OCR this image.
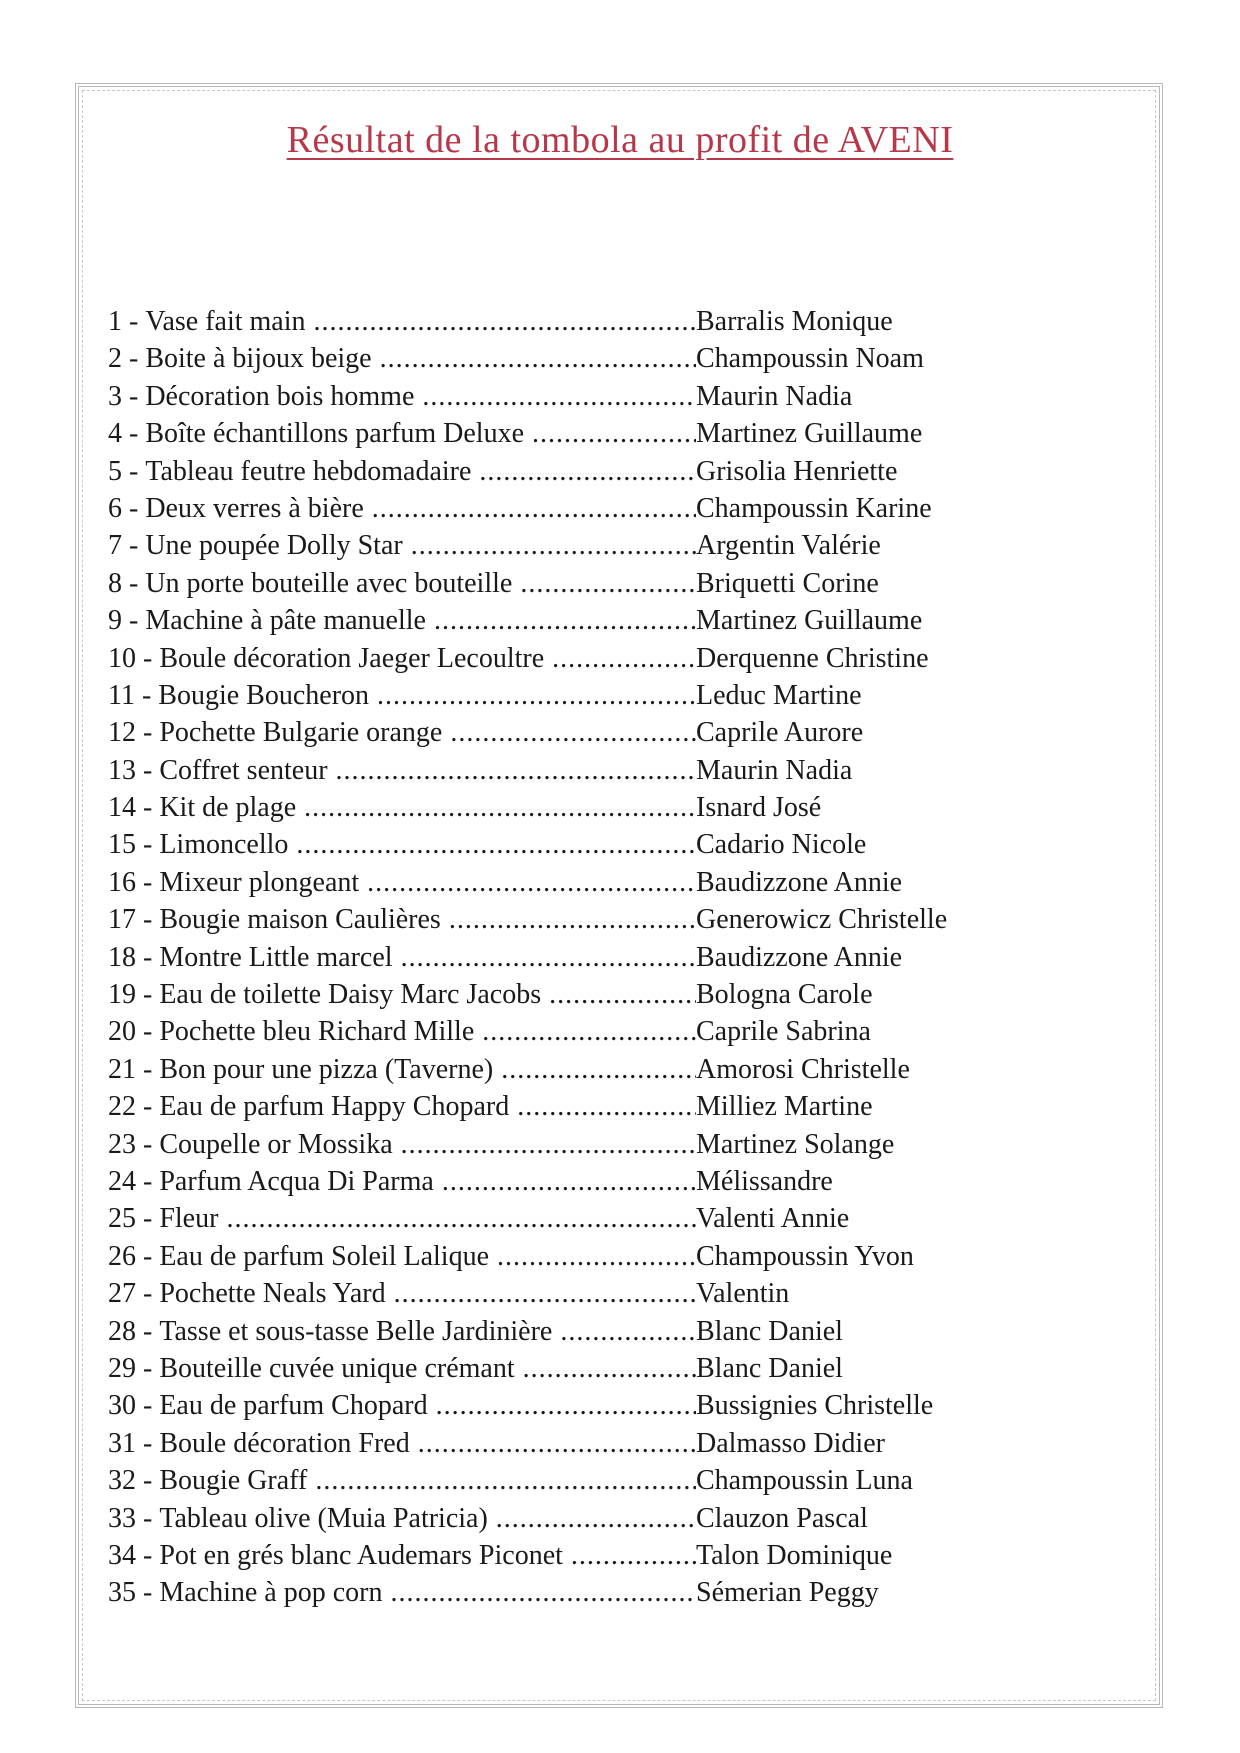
Résultat de la tombola au profit de AVENI
1 - Vase fait main .....	Barralis Monique
2 - Boite à bijoux beige .....	Champoussin Noam
3 - Décoration bois homme .....	Maurin Nadia
4 - Boîte échantillons parfum Deluxe .....	Martinez Guillaume
5 - Tableau feutre hebdomadaire .....	Grisolia Henriette
6 - Deux verres à bière .....	Champoussin Karine
7 - Une poupée Dolly Star .....	Argentin Valérie
8 - Un porte bouteille avec bouteille .....	Briquetti Corine
9 - Machine à pâte manuelle .....	Martinez Guillaume
10 - Boule décoration Jaeger Lecoultre .....	Derquenne Christine
11 - Bougie Boucheron .....	Leduc Martine
12 - Pochette Bulgarie orange .....	Caprile Aurore
13 - Coffret senteur .....	Maurin Nadia
14 - Kit de plage .....	Isnard José
15 - Limoncello .....	Cadario Nicole
16 - Mixeur plongeant .....	Baudizzone Annie
17 - Bougie maison Caulières .....	Generowicz Christelle
18 - Montre Little marcel .....	Baudizzone Annie
19 - Eau de toilette Daisy Marc Jacobs .....	Bologna Carole
20 - Pochette bleu Richard Mille .....	Caprile Sabrina
21 - Bon pour une pizza (Taverne) .....	Amorosi Christelle
22 - Eau de parfum Happy Chopard .....	Milliez Martine
23 - Coupelle or Mossika .....	Martinez Solange
24 - Parfum Acqua Di Parma .....	Mélissandre
25 - Fleur .....	Valenti Annie
26 - Eau de parfum Soleil Lalique .....	Champoussin Yvon
27 - Pochette Neals Yard .....	Valentin
28 - Tasse et sous-tasse Belle Jardinière .....	Blanc Daniel
29 - Bouteille cuvée unique crémant .....	Blanc Daniel
30 - Eau de parfum Chopard .....	Bussignies Christelle
31 - Boule décoration Fred .....	Dalmasso Didier
32 - Bougie Graff .....	Champoussin Luna
33 - Tableau olive (Muia Patricia) .....	Clauzon Pascal
34 - Pot en grés blanc Audemars Piconet .....	Talon Dominique
35 - Machine à pop corn .....	Sémerian Peggy
